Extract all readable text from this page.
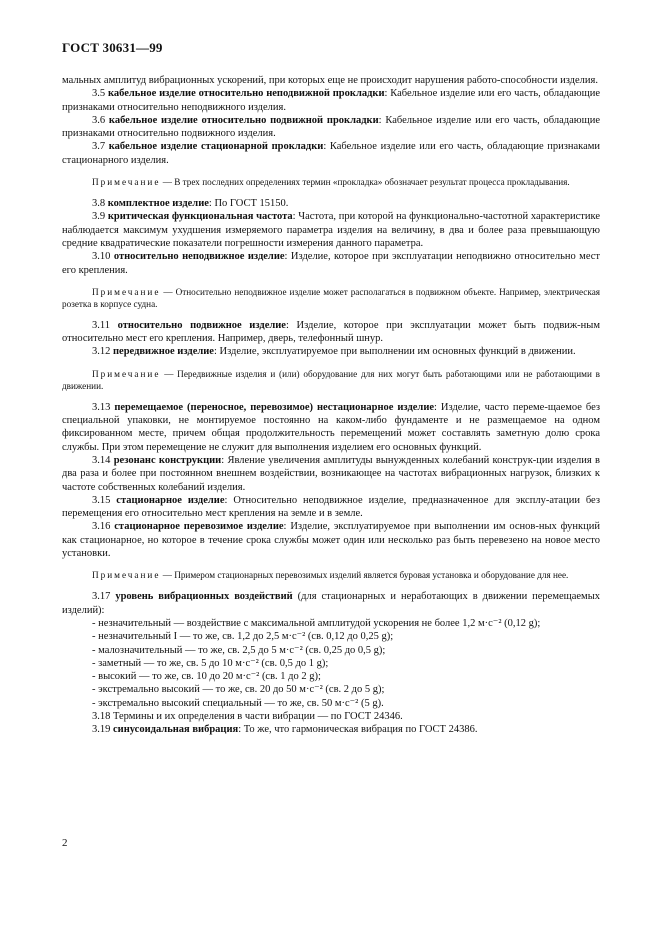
ГОСТ 30631—99

мальных амплитуд вибрационных ускорений, при которых еще не происходит нарушения работо-способности изделия.

3.5 кабельное изделие относительно неподвижной прокладки: Кабельное изделие или его часть, обладающие признаками относительно неподвижного изделия.

3.6 кабельное изделие относительно подвижной прокладки: Кабельное изделие или его часть, обладающие признаками относительно подвижного изделия.

3.7 кабельное изделие стационарной прокладки: Кабельное изделие или его часть, обладающие признаками стационарного изделия.

Примечание — В трех последних определениях термин «прокладка» обозначает результат процесса прокладывания.

3.8 комплектное изделие: По ГОСТ 15150.

3.9 критическая функциональная частота: Частота, при которой на функционально-частотной характеристике наблюдается максимум ухудшения измеряемого параметра изделия на величину, в два и более раза превышающую средние квадратические показатели погрешности измерения данного параметра.

3.10 относительно неподвижное изделие: Изделие, которое при эксплуатации неподвижно относительно мест его крепления.

Примечание — Относительно неподвижное изделие может располагаться в подвижном объекте. Например, электрическая розетка в корпусе судна.

3.11 относительно подвижное изделие: Изделие, которое при эксплуатации может быть подвиж-ным относительно мест его крепления. Например, дверь, телефонный шнур.

3.12 передвижное изделие: Изделие, эксплуатируемое при выполнении им основных функций в движении.

Примечание — Передвижные изделия и (или) оборудование для них могут быть работающими или не работающими в движении.

3.13 перемещаемое (переносное, перевозимое) нестационарное изделие: Изделие, часто переме-щаемое без специальной упаковки, не монтируемое постоянно на каком-либо фундаменте и не размещаемое на одном фиксированном месте, причем общая продолжительность перемещений может составлять заметную долю срока службы. При этом перемещение не служит для выполнения изделием его основных функций.

3.14 резонанс конструкции: Явление увеличения амплитуды вынужденных колебаний конструк-ции изделия в два раза и более при постоянном внешнем воздействии, возникающее на частотах вибрационных нагрузок, близких к частоте собственных колебаний изделия.

3.15 стационарное изделие: Относительно неподвижное изделие, предназначенное для эксплу-атации без перемещения его относительно мест крепления на земле и в земле.

3.16 стационарное перевозимое изделие: Изделие, эксплуатируемое при выполнении им основ-ных функций как стационарное, но которое в течение срока службы может один или несколько раз быть перевезено на новое место установки.

Примечание — Примером стационарных перевозимых изделий является буровая установка и оборудование для нее.

3.17 уровень вибрационных воздействий (для стационарных и неработающих в движении перемещаемых изделий):

- незначительный — воздействие с максимальной амплитудой ускорения не более 1,2 м·с⁻² (0,12 g);

- незначительный I — то же, св. 1,2 до 2,5 м·с⁻² (св. 0,12 до 0,25 g);

- малозначительный — то же, св. 2,5 до 5 м·с⁻² (св. 0,25 до 0,5 g);

- заметный — то же, св. 5 до 10 м·с⁻² (св. 0,5 до 1 g);

- высокий — то же, св. 10 до 20 м·с⁻² (св. 1 до 2 g);

- экстремально высокий — то же, св. 20 до 50 м·с⁻² (св. 2 до 5 g);

- экстремально высокий специальный — то же, св. 50 м·с⁻² (5 g).

3.18 Термины и их определения в части вибрации — по ГОСТ 24346.

3.19 синусоидальная вибрация: То же, что гармоническая вибрация по ГОСТ 24386.

2
